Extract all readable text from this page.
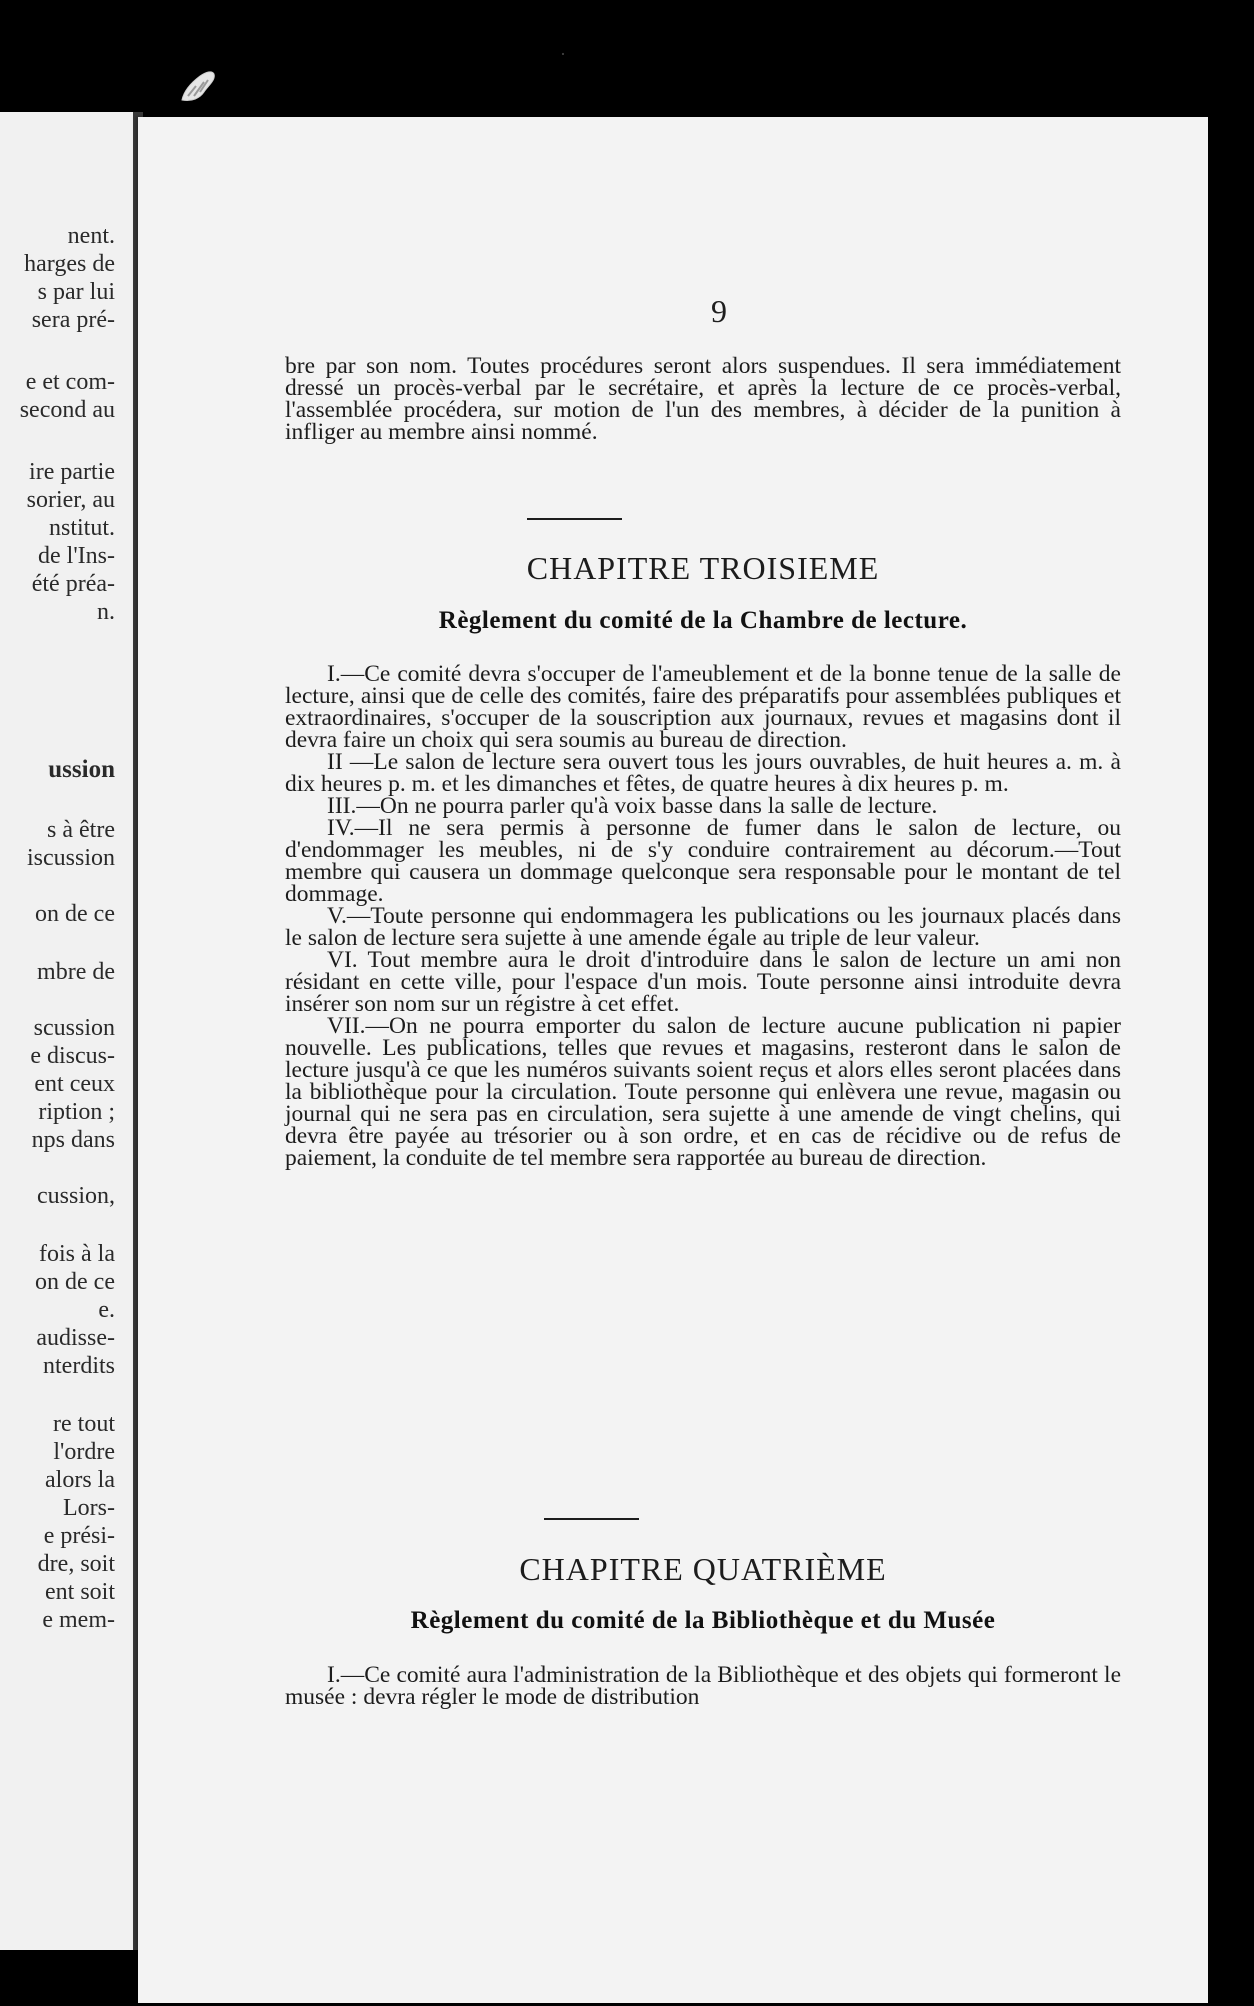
nent.
harges de
s par lui
sera pré-
e et com-
second au
ire partie
sorier, au
nstitut.
de l'Ins-
été préa-
n.
ussion
s à être
iscussion
on de ce
mbre de
scussion
e discus-
ent ceux
ription ;
nps dans
cussion,
fois à la
on de ce
e.
audisse-
nterdits
re tout
l'ordre
alors la
Lors-
e prési-
dre, soit
ent soit
e mem-
·
9

bre par son nom. Toutes procédures seront alors suspendues. Il sera immédiatement dressé un procès-verbal par le secrétaire, et après la lecture de ce procès-verbal, l'assemblée procédera, sur motion de l'un des membres, à décider de la punition à infliger au membre ainsi nommé.

CHAPITRE TROISIEME
Règlement du comité de la Chambre de lecture.

I.—Ce comité devra s'occuper de l'ameublement et de la bonne tenue de la salle de lecture, ainsi que de celle des comités, faire des préparatifs pour assemblées publiques et extraordinaires, s'occuper de la souscription aux journaux, revues et magasins dont il devra faire un choix qui sera soumis au bureau de direction.

II —Le salon de lecture sera ouvert tous les jours ouvrables, de huit heures a. m. à dix heures p. m. et les dimanches et fêtes, de quatre heures à dix heures p. m.

III.—On ne pourra parler qu'à voix basse dans la salle de lecture.

IV.—Il ne sera permis à personne de fumer dans le salon de lecture, ou d'endommager les meubles, ni de s'y conduire contrairement au décorum.—Tout membre qui causera un dommage quelconque sera responsable pour le montant de tel dommage.

V.—Toute personne qui endommagera les publications ou les journaux placés dans le salon de lecture sera sujette à une amende égale au triple de leur valeur.

VI. Tout membre aura le droit d'introduire dans le salon de lecture un ami non résidant en cette ville, pour l'espace d'un mois. Toute personne ainsi introduite devra insérer son nom sur un régistre à cet effet.

VII.—On ne pourra emporter du salon de lecture aucune publication ni papier nouvelle. Les publications, telles que revues et magasins, resteront dans le salon de lecture jusqu'à ce que les numéros suivants soient reçus et alors elles seront placées dans la bibliothèque pour la circulation. Toute personne qui enlèvera une revue, magasin ou journal qui ne sera pas en circulation, sera sujette à une amende de vingt chelins, qui devra être payée au trésorier ou à son ordre, et en cas de récidive ou de refus de paiement, la conduite de tel membre sera rapportée au bureau de direction.

CHAPITRE QUATRIÈME
Règlement du comité de la Bibliothèque et du Musée

I.—Ce comité aura l'administration de la Bibliothèque et des objets qui formeront le musée : devra régler le mode de distribution
